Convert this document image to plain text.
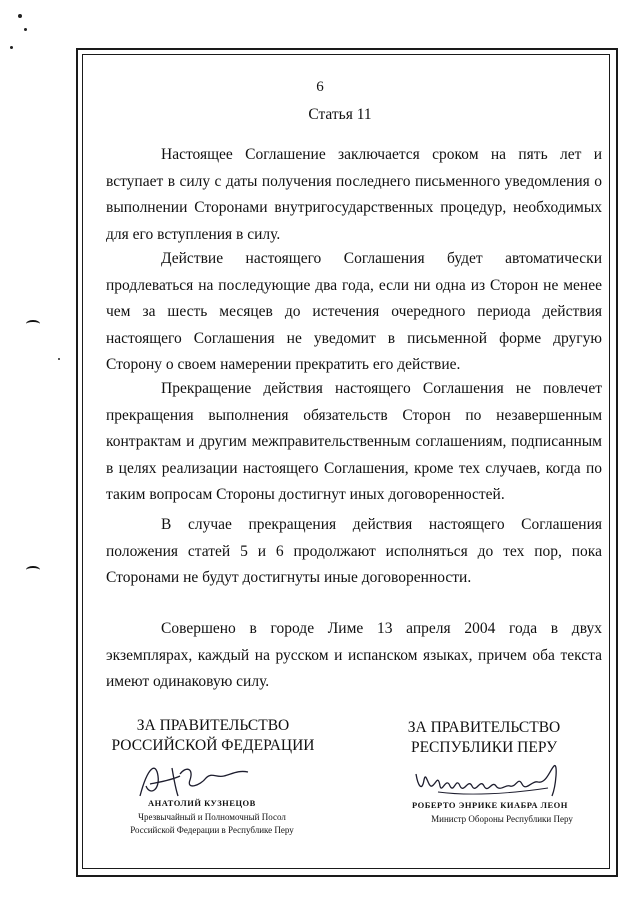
6
Статья 11

Настоящее Соглашение заключается сроком на пять лет и вступает в силу с даты получения последнего письменного уведомления о выполнении Сторонами внутригосударственных процедур, необходимых для его вступления в силу.

Действие настоящего Соглашения будет автоматически продлеваться на последующие два года, если ни одна из Сторон не менее чем за шесть месяцев до истечения очередного периода действия настоящего Соглашения не уведомит в письменной форме другую Сторону о своем намерении прекратить его действие.

Прекращение действия настоящего Соглашения не повлечет прекращения выполнения обязательств Сторон по незавершенным контрактам и другим межправительственным соглашениям, подписанным в целях реализации настоящего Соглашения, кроме тех случаев, когда по таким вопросам Стороны достигнут иных договоренностей.

В случае прекращения действия настоящего Соглашения положения статей 5 и 6 продолжают исполняться до тех пор, пока Сторонами не будут достигнуты иные договоренности.

Совершено в городе Лиме 13 апреля 2004 года в двух экземплярах, каждый на русском и испанском языках, причем оба текста имеют одинаковую силу.

ЗА ПРАВИТЕЛЬСТВО
РОССИЙСКОЙ ФЕДЕРАЦИИ
АНАТОЛИЙ КУЗНЕЦОВ
Чрезвычайный и Полномочный Посол
Российской Федерации в Республике Перу
ЗА ПРАВИТЕЛЬСТВО
РЕСПУБЛИКИ ПЕРУ
РОБЕРТО ЭНРИКЕ КИАБРА ЛЕОН
Министр Обороны Республики Перу
